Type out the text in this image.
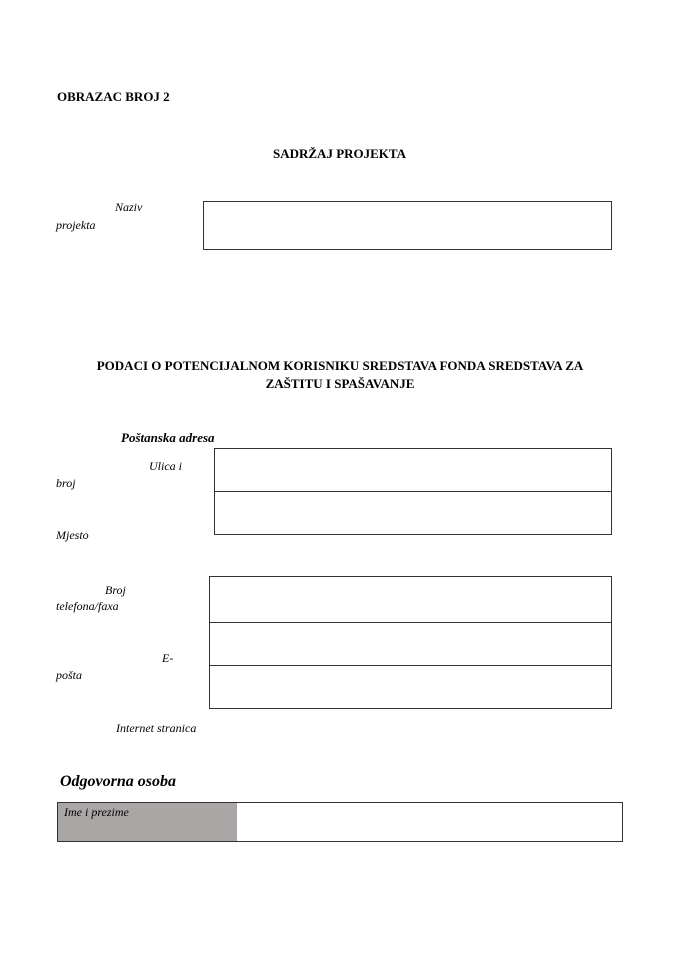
OBRAZAC BROJ 2
SADRŽAJ PROJEKTA
Naziv
projekta
PODACI O POTENCIJALNOM KORISNIKU SREDSTAVA FONDA SREDSTAVA ZA
ZAŠTITU I SPAŠAVANJE
Poštanska adresa
Ulica i
broj
Mjesto
Broj
telefona/faxa
E-
pošta
Internet stranica
Odgovorna osoba
Ime i prezime
